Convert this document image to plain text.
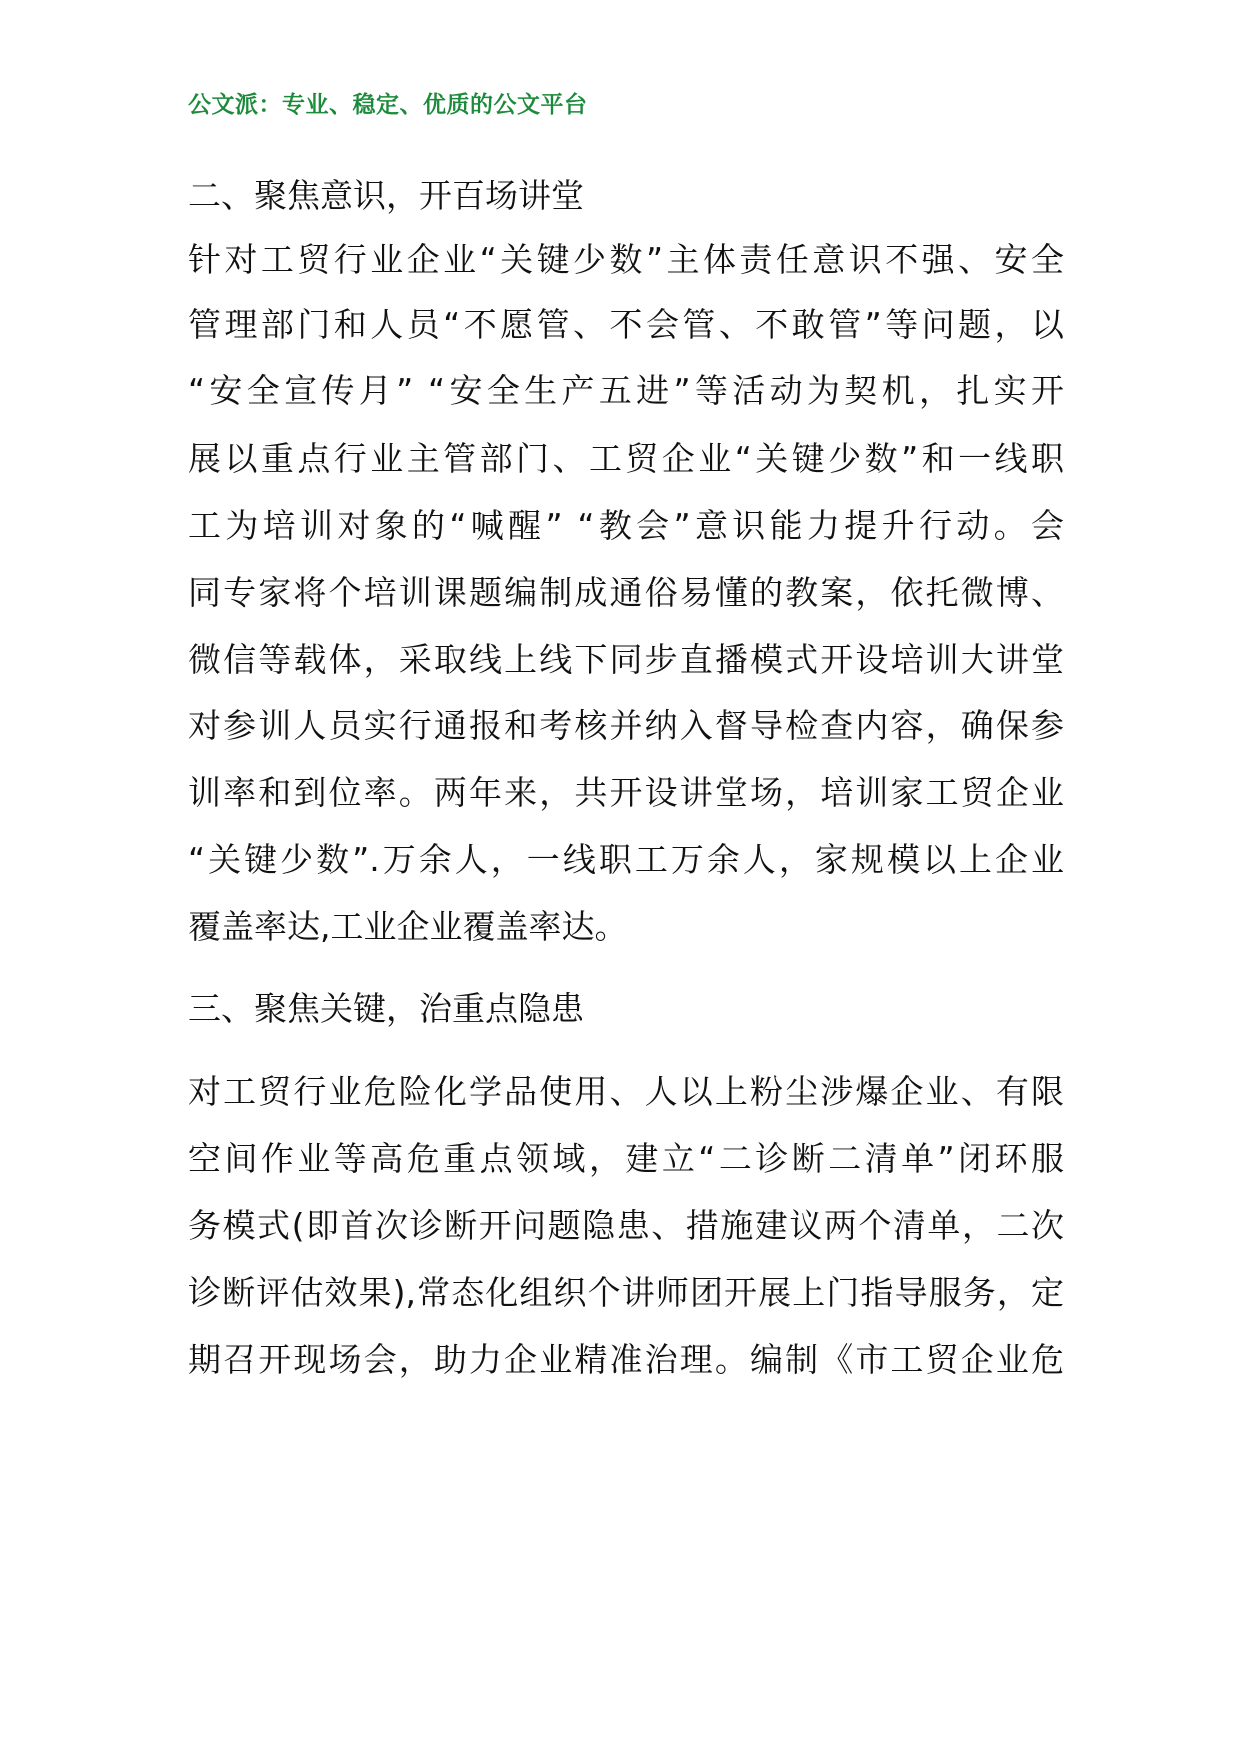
公文派：专业、稳定、优质的公文平台
二、聚焦意识，开百场讲堂
针对工贸行业企业“关键少数”主体责任意识不强、安全
管理部门和人员“不愿管、不会管、不敢管”等问题，以
“安全宣传月” “安全生产五进”等活动为契机，扎实开
展以重点行业主管部门、工贸企业“关键少数”和一线职
工为培训对象的“喊醒” “教会”意识能力提升行动。会
同专家将个培训课题编制成通俗易懂的教案，依托微博、
微信等载体，采取线上线下同步直播模式开设培训大讲堂
对参训人员实行通报和考核并纳入督导检查内容，确保参
训率和到位率。两年来，共开设讲堂场，培训家工贸企业
“关键少数”.万余人，一线职工万余人，家规模以上企业
覆盖率达,工业企业覆盖率达。
三、聚焦关键，治重点隐患
对工贸行业危险化学品使用、人以上粉尘涉爆企业、有限
空间作业等高危重点领域，建立“二诊断二清单”闭环服
务模式(即首次诊断开问题隐患、措施建议两个清单，二次
诊断评估效果),常态化组织个讲师团开展上门指导服务，定
期召开现场会，助力企业精准治理。编制《市工贸企业危
